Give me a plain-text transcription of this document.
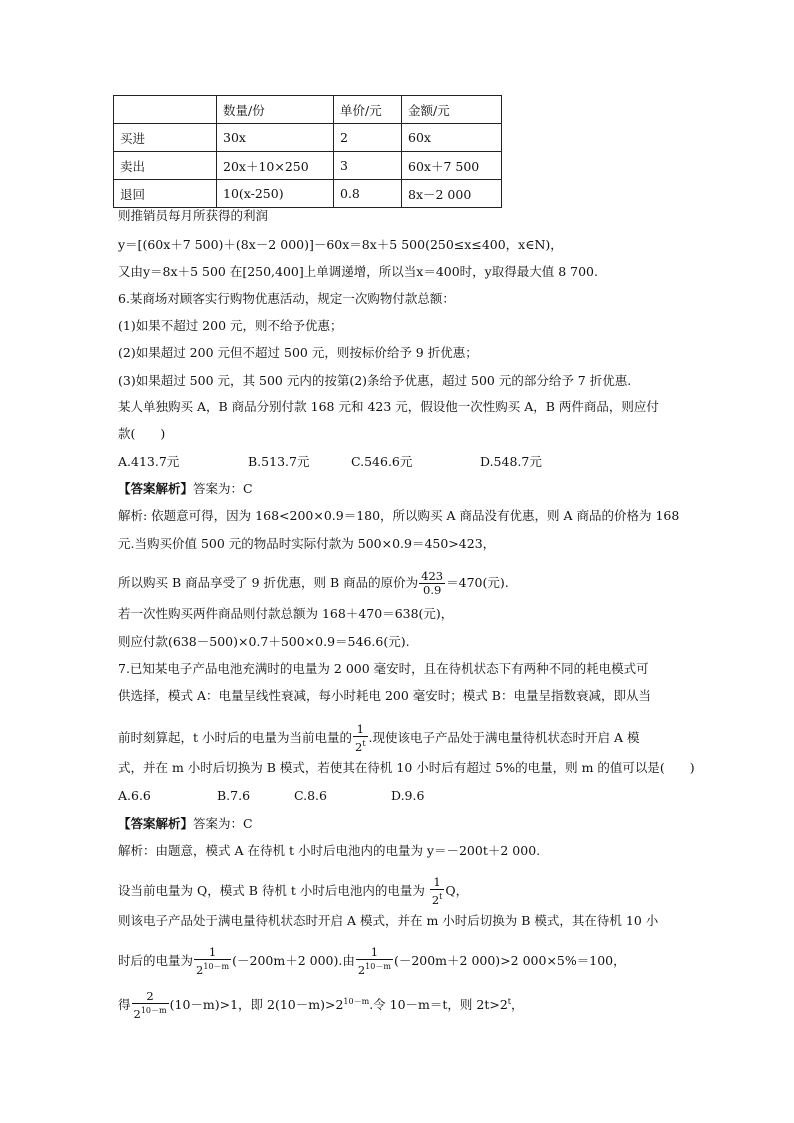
	数量/份	单价/元	金额/元
买进	30x	2	60x
卖出	20x＋10×250	3	60x＋7 500
退回	10(x-250)	0.8	8x－2 000
则推销员每月所获得的利润
y＝[(60x＋7 500)＋(8x－2 000)]－60x＝8x＋5 500(250≤x≤400，x∈N)，
又由y＝8x＋5 500 在[250,400]上单调递增，所以当x＝400时，y取得最大值 8 700.
6.某商场对顾客实行购物优惠活动，规定一次购物付款总额：
(1)如果不超过 200 元，则不给予优惠；
(2)如果超过 200 元但不超过 500 元，则按标价给予 9 折优惠；
(3)如果超过 500 元，其 500 元内的按第(2)条给予优惠，超过 500 元的部分给予 7 折优惠.
某人单独购买 A，B 商品分别付款 168 元和 423 元，假设他一次性购买 A，B 两件商品，则应付
款(　　)
A.413.7元	B.513.7元	C.546.6元	D.548.7元
【答案解析】答案为：C
解析: 依题意可得，因为 168<200×0.9＝180，所以购买 A 商品没有优惠，则 A 商品的价格为 168
元.当购买价值 500 元的物品时实际付款为 500×0.9＝450>423，
所以购买 B 商品享受了 9 折优惠，则 B 商品的原价为 $\frac{423}{0.9} =470$(元).
若一次性购买两件商品则付款总额为 168＋470＝638(元)，
则应付款(638－500)×0.7＋500×0.9＝546.6(元).
7.已知某电子产品电池充满时的电量为 2 000 毫安时，且在待机状态下有两种不同的耗电模式可
供选择，模式 A：电量呈线性衰减，每小时耗电 200 毫安时；模式 B：电量呈指数衰减，即从当
前时刻算起，t 小时后的电量为当前电量的 $\frac{1}{2^t}$ .现使该电子产品处于满电量待机状态时开启 A 模
式，并在 m 小时后切换为 B 模式，若使其在待机 10 小时后有超过 5%的电量，则 m 的值可以是(　　)
A.6.6	B.7.6	C.8.6	D.9.6
【答案解析】答案为：C
解析：由题意，模式 A 在待机 t 小时后电池内的电量为 y＝－200t＋2 000.
设当前电量为 Q，模式 B 待机 t 小时后电池内的电量为 $\frac{1}{2^t}$ Q，
则该电子产品处于满电量待机状态时开启 A 模式，并在 m 小时后切换为 B 模式，其在待机 10 小
时后的电量为 $\frac{1}{2^{10-m}} (-200m+2$ 000).由 $\frac{1}{2^{10-m}} (-200m+2$ 000)>2 000×5%＝100，
得 $\frac{2}{2^{10-m}} (10-m)>1$，即 $2(10-m)>2^{10-m}$.令 10－m＝t，则 $2t>2^t$，
